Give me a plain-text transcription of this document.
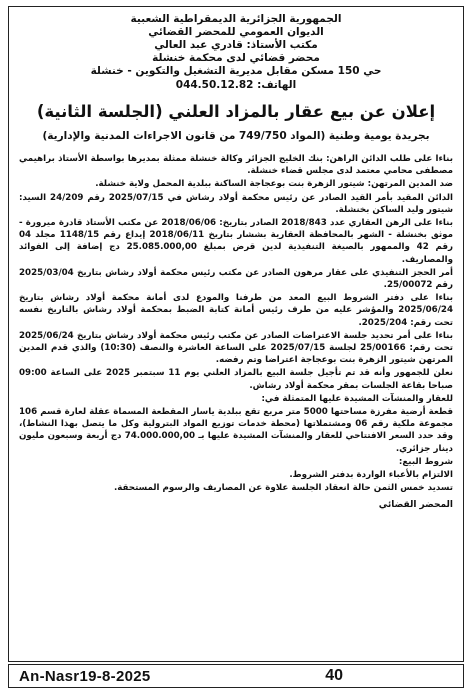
الجمهورية الجزائرية الديمقراطية الشعبية
الديوان العمومي للمحضر القضائي
مكتب الأستاذ: قادري عبد العالي
محضر قضائي لدى محكمة خنشلة
حي 150 مسكن مقابل مديرية التشغيل والتكوين - خنشلة
الهاتف: 044.50.12.82
إعلان عن بيع عقار بالمزاد العلني (الجلسة الثانية)
بجريدة يومية وطنية (المواد 749/750 من قانون الاجراءات المدنية والإدارية)

بناءا على طلب الدائن الراهن: بنك الخليج الجزائر وكالة خنشلة ممثلة بمديرها بواسطة الأستاذ براهيمي مصطفى محامي معتمد لدى مجلس قضاء خنشلة.

ضد المدين المرتهن: شيتور الزهرة بنت بوعجاجة الساكنة ببلدية المحمل ولاية خنشلة.

الدائن المقيد بأمر القيد الصادر عن رئيس محكمة أولاد رشاش في 2025/07/15 رقم 24/209 السيد: شيتور وليد الساكن بخنشلة.

بناءا على الرهن العقاري عدد 2018/843 الصادر بتاريخ: 2018/06/06 عن مكتب الأستاذ قادرة ميرورة - موثق بخنشلة - الشهر بالمحافظة العقارية بششار بتاريخ 2018/06/11 إيداع رقم 1148/15 مجلد 04 رقم 42 والممهور بالصيغة التنفيذية لدين قرض بمبلغ 25.085.000,00 دج إضافة إلى الفوائد والمصاريف.

أمر الحجز التنفيذي على عقار مرهون الصادر عن مكتب رئيس محكمة أولاد رشاش بتاريخ 2025/03/04 رقم 25/00072.

بناءا على دفتر الشروط البيع المعد من طرفنا والمودع لدى أمانة محكمة أولاد رشاش بتاريخ 2025/06/24 والمؤشر عليه من طرف رئيس أمانة كتابة الضبط بمحكمة أولاد رشاش بالتاريخ نفسه تحت رقم: 2025/204.

بناءا على أمر تحديد جلسة الاعتراضات الصادر عن مكتب رئيس محكمة أولاد رشاش بتاريخ 2025/06/24 تحت رقم: 25/00166 لجلسة 2025/07/15 على الساعة العاشرة والنصف (10:30) والذي قدم المدين المرتهن شيتور الزهرة بنت بوعجاجة اعتراضا وتم رفضه.

نعلن للجمهور وأنه قد تم تأجيل جلسة البيع بالمزاد العلني يوم 11 سبتمبر 2025 على الساعة 09:00 صباحا بقاعة الجلسات بمقر محكمة أولاد رشاش.

للعقار والمنشآت المشيدة عليها المتمثلة في:

قطعة أرضية مفرزة مساحتها 5000 متر مربع تقع ببلدية ياسار المقطعة المسماة عقلة لعارة قسم 106 مجموعة ملكية رقم 06 ومشتملاتها (محطة خدمات توزيع المواد البترولية وكل ما يتصل بهذا النشاط)، وقد حدد السعر الافتتاحي للعقار والمنشآت المشيدة عليها بـ 74.000.000,00 دج أربعة وسبعون مليون دينار جزائري.

شروط البيع:

الالتزام بالأعباء الواردة بدفتر الشروط.

تسديد خمس الثمن حالة انعقاد الجلسة علاوة عن المصاريف والرسوم المستحقة.

المحضر القضائي
An-Nasr19-8-2025	40
